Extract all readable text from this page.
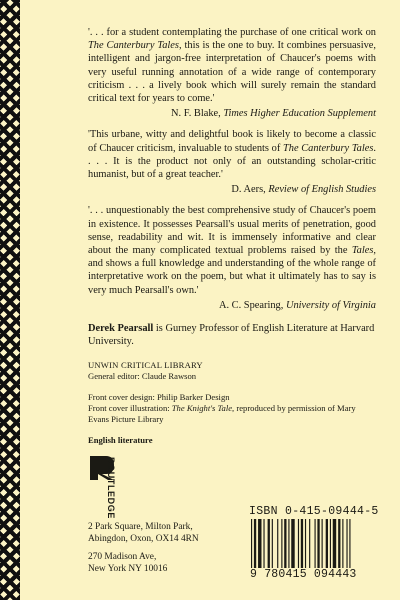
'. . . for a student contemplating the purchase of one critical work on The Canterbury Tales, this is the one to buy. It combines persuasive, intelligent and jargon-free interpretation of Chaucer's poems with very useful running annotation of a wide range of contemporary criticism . . . a lively book which will surely remain the standard critical text for years to come.'

N. F. Blake, Times Higher Education Supplement

'This urbane, witty and delightful book is likely to become a classic of Chaucer criticism, invaluable to students of The Canterbury Tales. . . . It is the product not only of an outstanding scholar-critic humanist, but of a great teacher.'

D. Aers, Review of English Studies

'. . . unquestionably the best comprehensive study of Chaucer's poem in existence. It possesses Pearsall's usual merits of penetration, good sense, readability and wit. It is immensely informative and clear about the many complicated textual problems raised by the Tales, and shows a full knowledge and understanding of the whole range of interpretative work on the poem, but what it ultimately has to say is very much Pearsall's own.'

A. C. Spearing, University of Virginia

Derek Pearsall is Gurney Professor of English Literature at Harvard University.

UNWIN CRITICAL LIBRARY
General editor: Claude Rawson
Front cover design: Philip Barker Design
Front cover illustration: The Knight's Tale, reproduced by permission of Mary Evans Picture Library
English literature
ROUTLEDGE
2 Park Square, Milton Park,
Abingdon, Oxon, OX14 4RN
270 Madison Ave,
New York NY 10016
ISBN 0-415-09444-5
9 780415 094443
